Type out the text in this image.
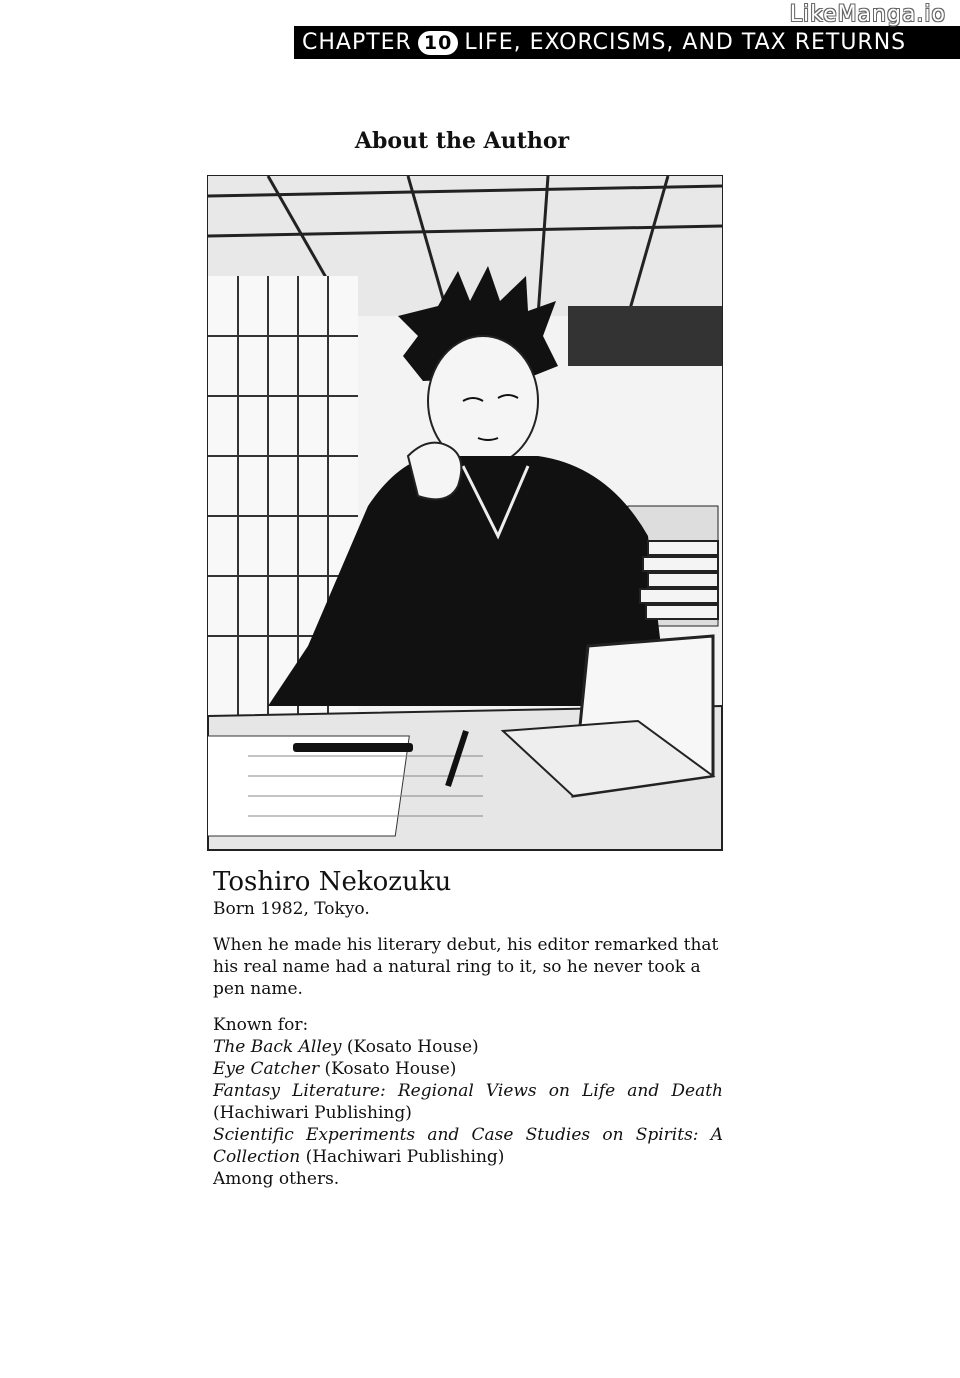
CHAPTER 10 LIFE, EXORCISMS, AND TAX RETURNS
LikeManga.io
About the Author
Toshiro Nekozuku
Born 1982, Tokyo.
When he made his literary debut, his editor remarked that his real name had a natural ring to it, so he never took a pen name.
Known for:
The Back Alley (Kosato House)
Eye Catcher (Kosato House)
Fantasy Literature: Regional Views on Life and Death (Hachiwari Publishing)
Scientific Experiments and Case Studies on Spirits: A Collection (Hachiwari Publishing)
Among others.
